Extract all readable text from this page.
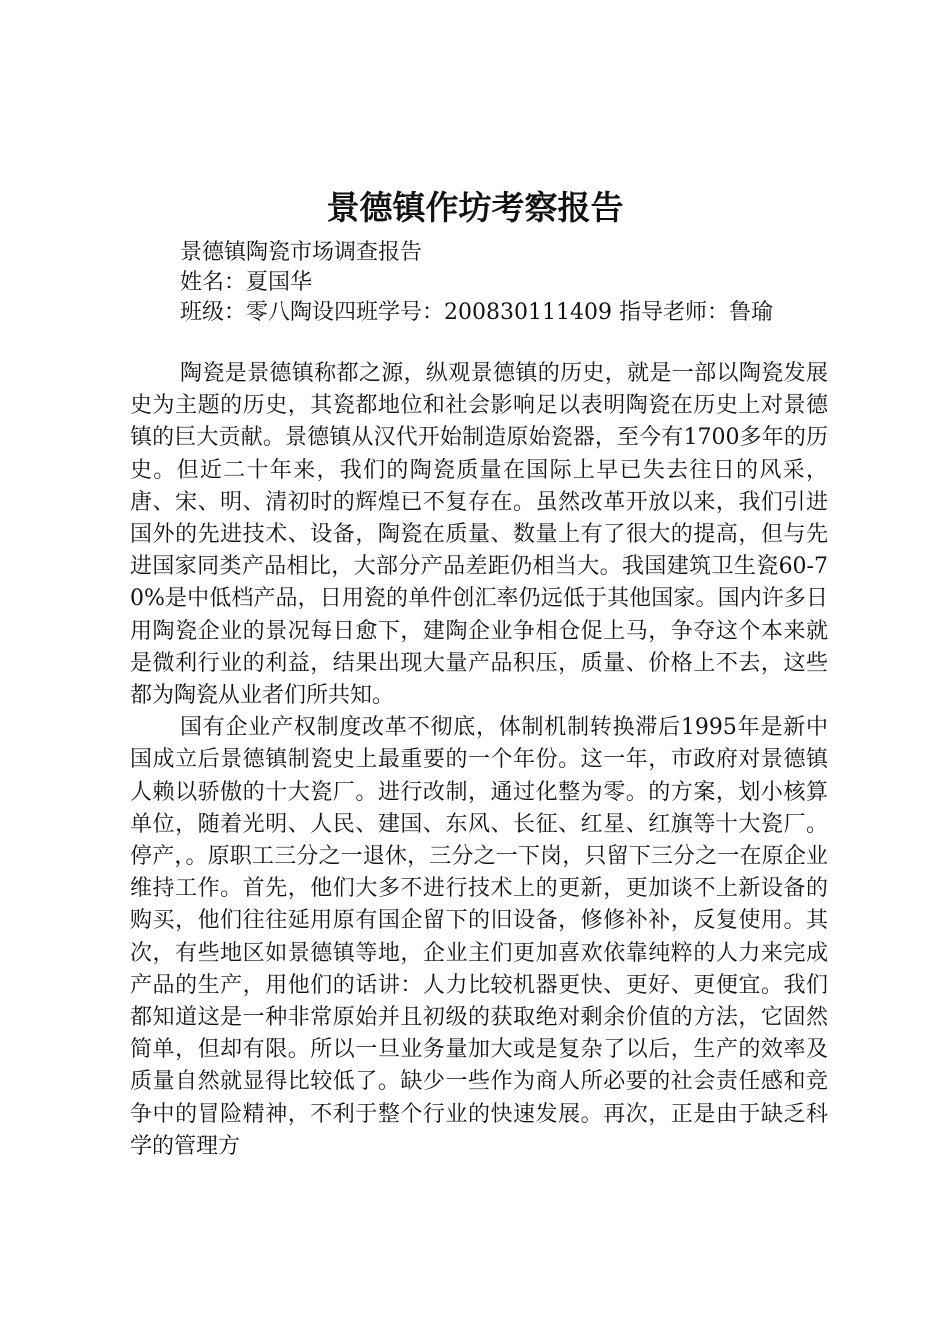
景德镇作坊考察报告
景德镇陶瓷市场调查报告
姓名：夏国华
班级：零八陶设四班学号：200830111409 指导老师：鲁瑜

陶瓷是景德镇称都之源，纵观景德镇的历史，就是一部以陶瓷发展史为主题的历史，其瓷都地位和社会影响足以表明陶瓷在历史上对景德镇的巨大贡献。景德镇从汉代开始制造原始瓷器，至今有1700多年的历史。但近二十年来，我们的陶瓷质量在国际上早已失去往日的风采，唐、宋、明、清初时的辉煌已不复存在。虽然改革开放以来，我们引进国外的先进技术、设备，陶瓷在质量、数量上有了很大的提高，但与先进国家同类产品相比，大部分产品差距仍相当大。我国建筑卫生瓷60-70%是中低档产品，日用瓷的单件创汇率仍远低于其他国家。国内许多日用陶瓷企业的景况每日愈下，建陶企业争相仓促上马，争夺这个本来就是微利行业的利益，结果出现大量产品积压，质量、价格上不去，这些都为陶瓷从业者们所共知。

国有企业产权制度改革不彻底，体制机制转换滞后1995年是新中国成立后景德镇制瓷史上最重要的一个年份。这一年，市政府对景德镇人赖以骄傲的十大瓷厂。进行改制，通过化整为零。的方案，划小核算单位，随着光明、人民、建国、东风、长征、红星、红旗等十大瓷厂。停产，。原职工三分之一退休，三分之一下岗，只留下三分之一在原企业维持工作。首先，他们大多不进行技术上的更新，更加谈不上新设备的购买，他们往往延用原有国企留下的旧设备，修修补补，反复使用。其次，有些地区如景德镇等地，企业主们更加喜欢依靠纯粹的人力来完成产品的生产，用他们的话讲：人力比较机器更快、更好、更便宜。我们都知道这是一种非常原始并且初级的获取绝对剩余价值的方法，它固然简单，但却有限。所以一旦业务量加大或是复杂了以后，生产的效率及质量自然就显得比较低了。缺少一些作为商人所必要的社会责任感和竞争中的冒险精神，不利于整个行业的快速发展。再次，正是由于缺乏科学的管理方
